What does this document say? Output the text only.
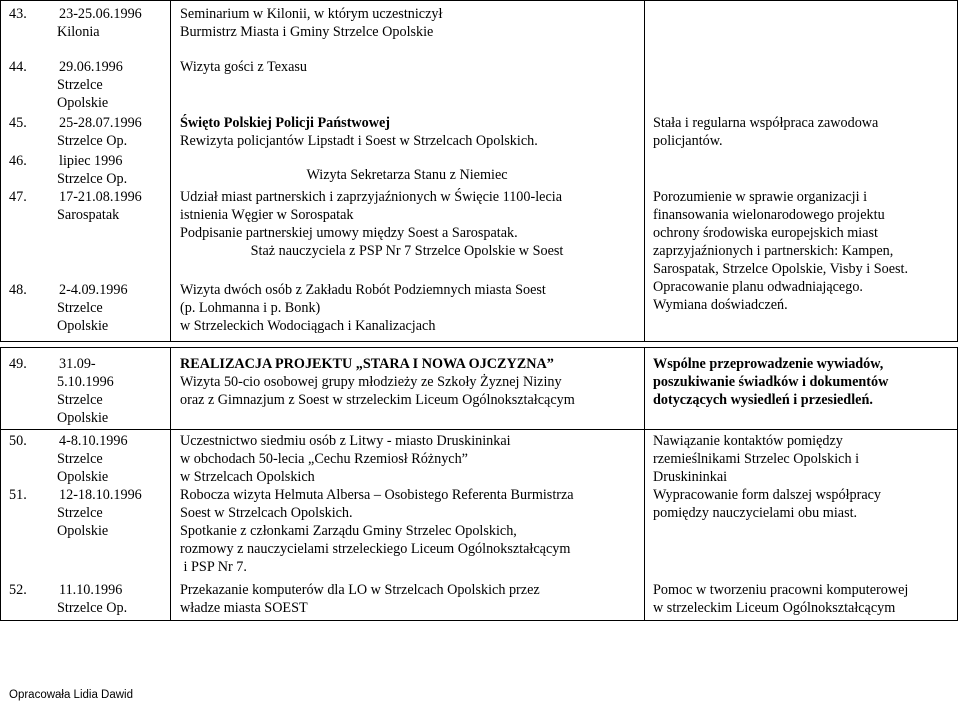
43. 23-25.06.1996
Kilonia
44. 29.06.1996
Strzelce
Opolskie
45. 25-28.07.1996
Strzelce Op.
46. lipiec 1996
Strzelce Op.
47. 17-21.08.1996
Sarospatak
48. 2-4.09.1996
Strzelce
Opolskie
Seminarium w Kilonii, w którym uczestniczył
Burmistrz Miasta i Gminy Strzelce Opolskie
Wizyta gości z Texasu
Święto Polskiej Policji Państwowej
Rewizyta policjantów Lipstadt i Soest w Strzelcach Opolskich.
Wizyta Sekretarza Stanu z Niemiec
Udział miast partnerskich i zaprzyjaźnionych w Święcie 1100-lecia
istnienia Węgier w Sorospatak
Podpisanie partnerskiej umowy między Soest a Sarospatak.
Staż nauczyciela z PSP Nr 7 Strzelce Opolskie w Soest
Wizyta dwóch osób z Zakładu Robót Podziemnych miasta Soest
(p. Lohmanna i p. Bonk)
w Strzeleckich Wodociągach i Kanalizacjach
Stała i regularna współpraca zawodowa
policjantów.
Porozumienie w sprawie organizacji i
finansowania wielonarodowego projektu
ochrony środowiska europejskich miast
zaprzyjaźnionych i partnerskich: Kampen,
Sarospatak, Strzelce Opolskie, Visby i Soest.
Opracowanie planu odwadniającego.
Wymiana doświadczeń.
49. 31.09-
5.10.1996
Strzelce
Opolskie
50. 4-8.10.1996
Strzelce
Opolskie
51. 12-18.10.1996
Strzelce
Opolskie
52. 11.10.1996
Strzelce Op.
REALIZACJA PROJEKTU „STARA I NOWA OJCZYZNA”
Wizyta 50-cio osobowej grupy młodzieży ze Szkoły Żyznej Niziny
oraz z Gimnazjum z Soest w strzeleckim Liceum Ogólnokształcącym
Uczestnictwo siedmiu osób z Litwy - miasto Druskininkai
w obchodach 50-lecia „Cechu Rzemiosł Różnych”
w Strzelcach Opolskich
Robocza wizyta Helmuta Albersa – Osobistego Referenta Burmistrza
Soest w Strzelcach Opolskich.
Spotkanie z członkami Zarządu Gminy Strzelec Opolskich,
rozmowy z nauczycielami strzeleckiego Liceum Ogólnokształcącym
i PSP Nr 7.
Przekazanie komputerów dla LO w Strzelcach Opolskich przez
władze miasta SOEST
Wspólne przeprowadzenie wywiadów,
poszukiwanie świadków i dokumentów
dotyczących wysiedleń i przesiedleń.
Nawiązanie kontaktów pomiędzy
rzemieślnikami Strzelec Opolskich i
Druskininkai
Wypracowanie form dalszej współpracy
pomiędzy nauczycielami obu miast.
Pomoc w tworzeniu pracowni komputerowej
w strzeleckim Liceum Ogólnokształcącym
Opracowała Lidia Dawid
